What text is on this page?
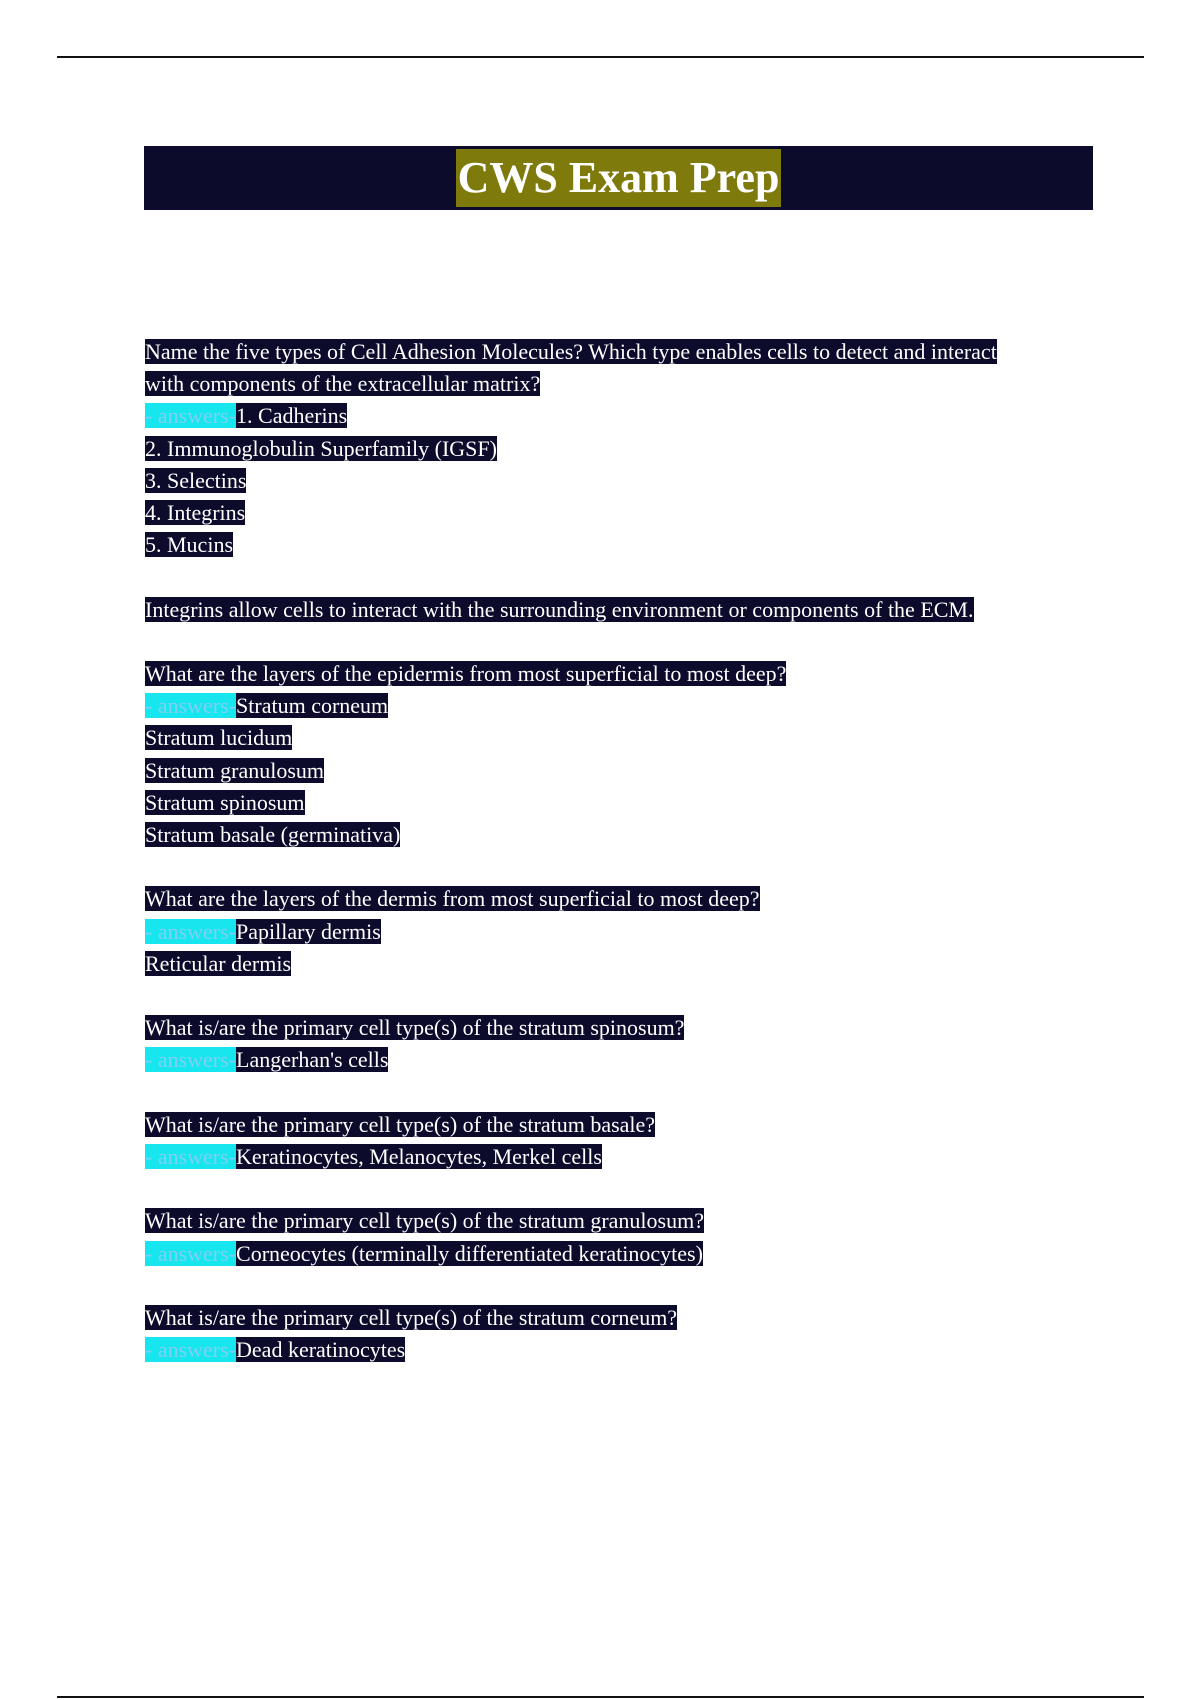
CWS Exam Prep
Name the five types of Cell Adhesion Molecules? Which type enables cells to detect and interact
with components of the extracellular matrix?
- answers-1. Cadherins
2. Immunoglobulin Superfamily (IGSF)
3. Selectins
4. Integrins
5. Mucins
Integrins allow cells to interact with the surrounding environment or components of the ECM.
What are the layers of the epidermis from most superficial to most deep?
- answers-Stratum corneum
Stratum lucidum
Stratum granulosum
Stratum spinosum
Stratum basale (germinativa)
What are the layers of the dermis from most superficial to most deep?
- answers-Papillary dermis
Reticular dermis
What is/are the primary cell type(s) of the stratum spinosum?
- answers-Langerhan's cells
What is/are the primary cell type(s) of the stratum basale?
- answers-Keratinocytes, Melanocytes, Merkel cells
What is/are the primary cell type(s) of the stratum granulosum?
- answers-Corneocytes (terminally differentiated keratinocytes)
What is/are the primary cell type(s) of the stratum corneum?
- answers-Dead keratinocytes
